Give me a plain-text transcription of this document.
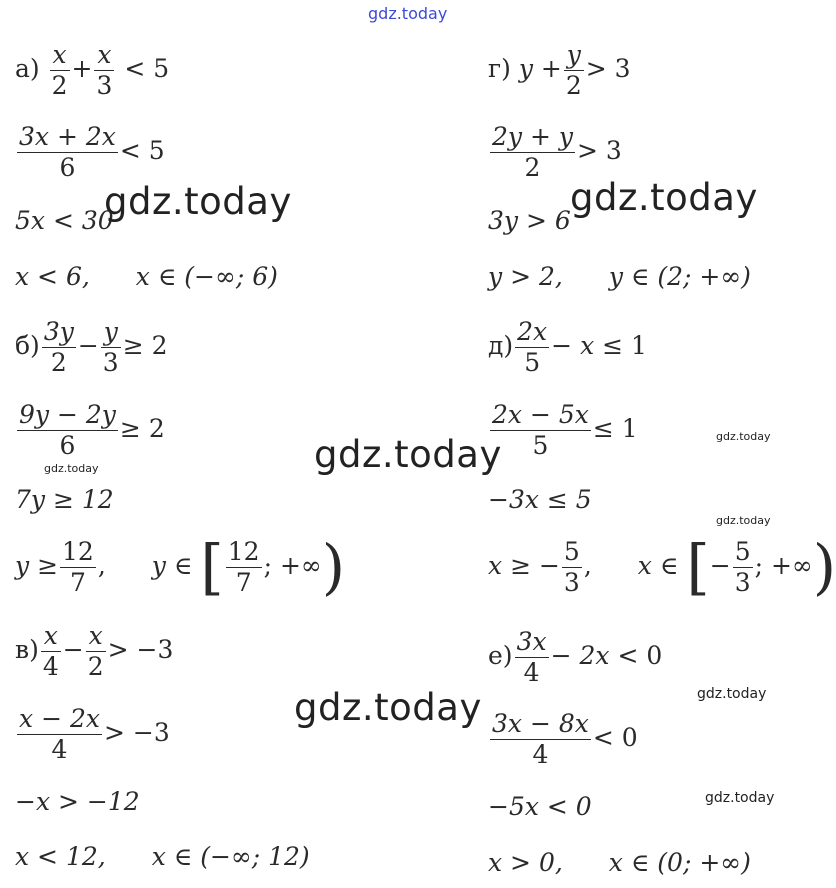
gdz.today
$а) \frac{x}{2} + \frac{x}{3} < 5$
$\frac{3x + 2x}{6} < 5$
5x < 30
x < 6, x ∈ (−∞; 6)
$б) \frac{3y}{2} - \frac{y}{3} \ge 2$
$\frac{9y - 2y}{6} \ge 2$
7y ≥ 12
$y \ge \frac{12}{7}$ , y ∈ [ $\frac{12}{7}$ ; +∞)
$в) \frac{x}{4} - \frac{x}{2} > -3$
$\frac{x - 2x}{4} > -3$
−x > −12
x < 12, x ∈ (−∞; 12)
г) $y + \frac{y}{2} > 3$
$\frac{2y + y}{2} > 3$
3y > 6
y > 2, y ∈ (2; +∞)
$д) \frac{2x}{5} - x \le 1$
$\frac{2x - 5x}{5} \le 1$
−3x ≤ 5
x ≥ − $\frac{5}{3}$ , x ∈ [− $\frac{5}{3}$ ; +∞)
$е) \frac{3x}{4} - 2x < 0$
$\frac{3x - 8x}{4} < 0$
−5x < 0
x > 0, x ∈ (0; +∞)
gdz.today	gdz.today
gdz.today
gdz.today
gdz.today
gdz.today
gdz.today
gdz.today
gdz.today
